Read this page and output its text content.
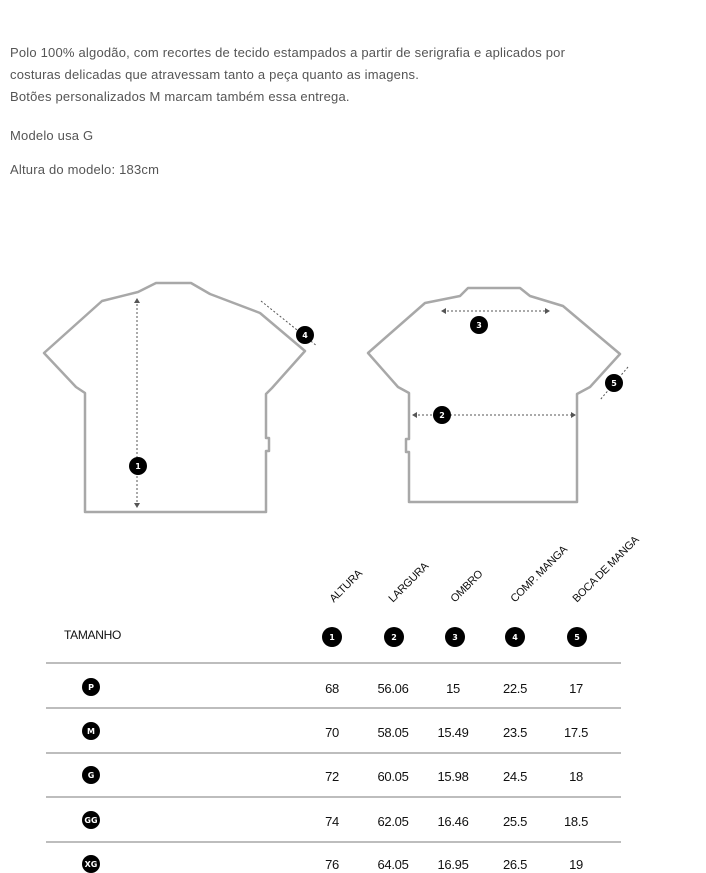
Polo 100% algodão, com recortes de tecido estampados a partir de serigrafia e aplicados por

costuras delicadas que atravessam tanto a peça quanto as imagens.

Botões personalizados M marcam também essa entrega.

Modelo usa G
Altura do modelo: 183cm
1
4
3
2
5
ALTURA LARGURA OMBRO COMP. MANGA BOCA DE MANGA
TAMANHO	1	2	3	4	5
P	68	56.06	15	22.5	17
M	70	58.05	15.49	23.5	17.5
G	72	60.05	15.98	24.5	18
GG	74	62.05	16.46	25.5	18.5
XG	76	64.05	16.95	26.5	19
